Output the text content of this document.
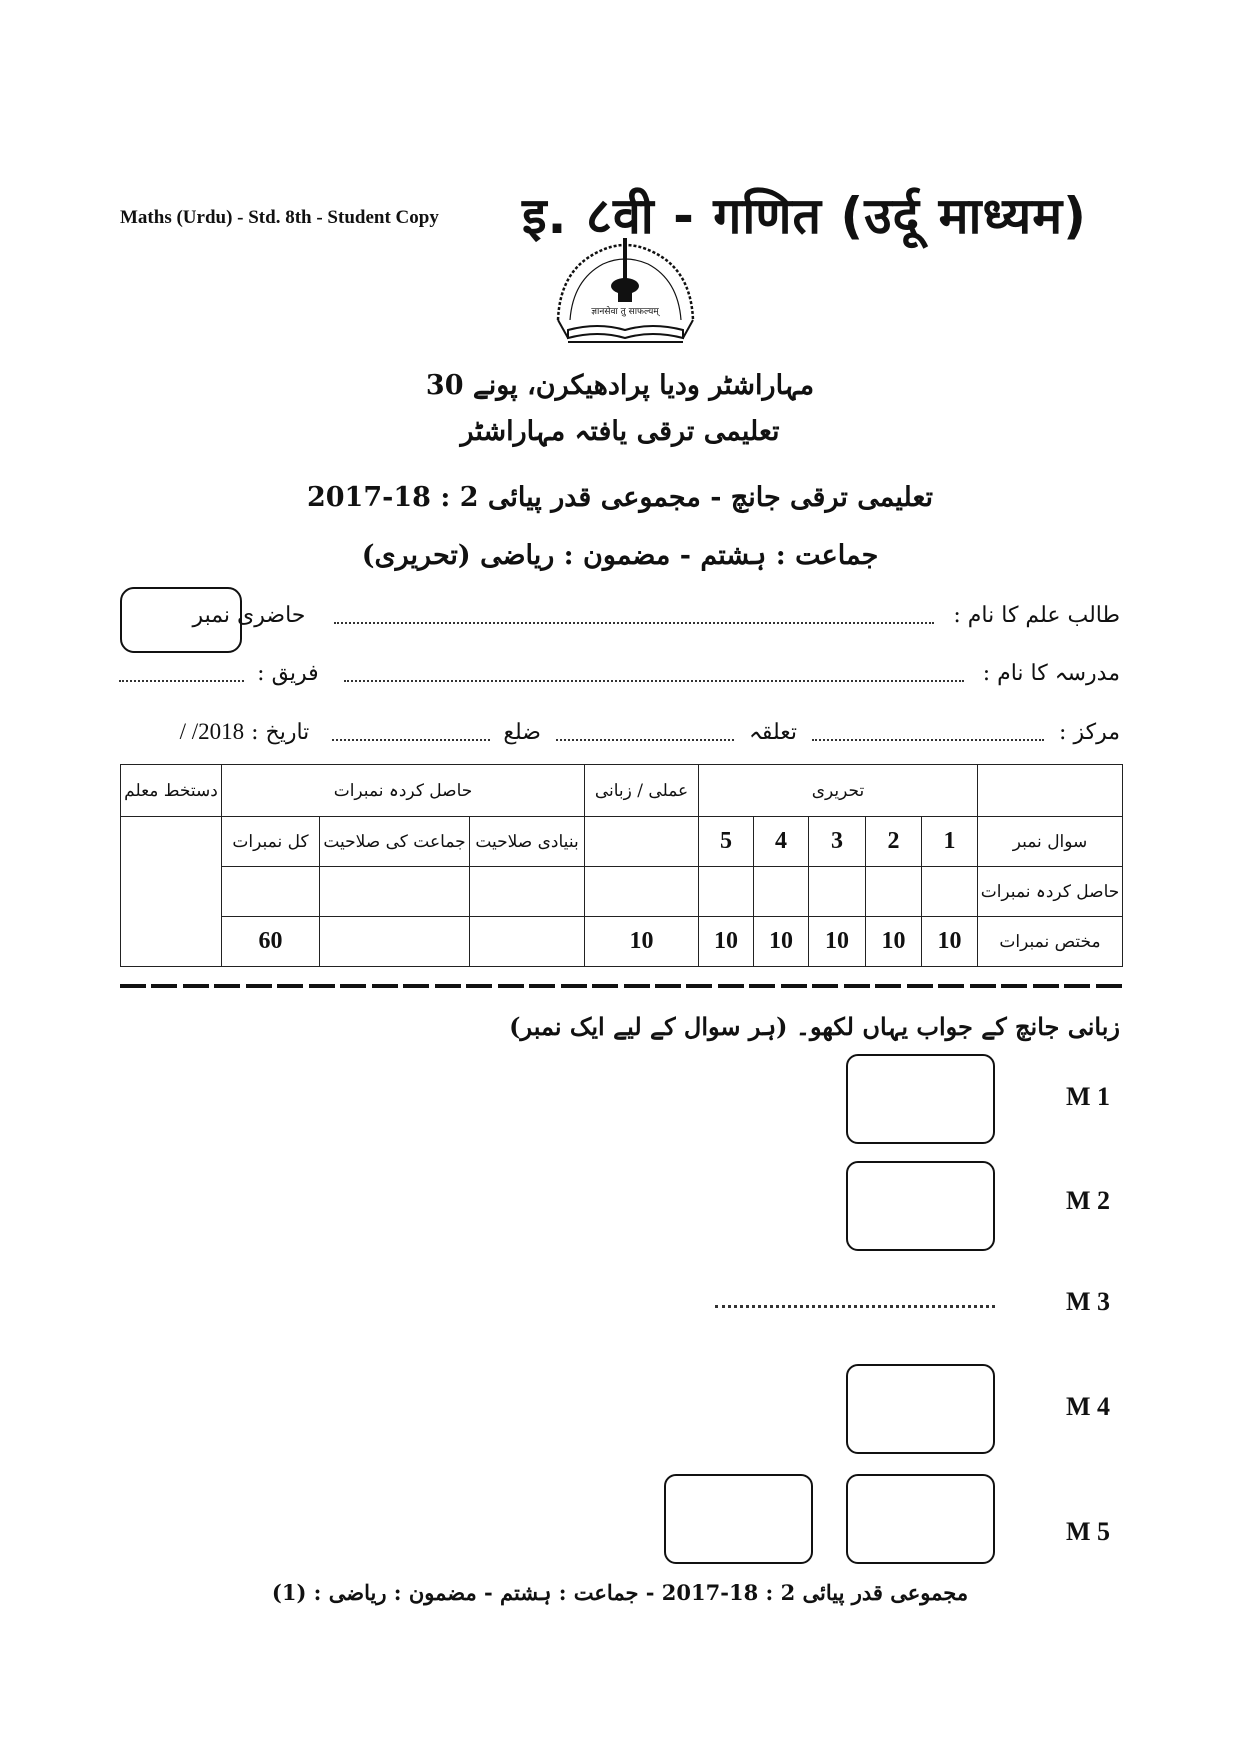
Maths (Urdu) - Std. 8th - Student Copy इ. ८वी - गणित (उर्दू माध्यम)
ज्ञानसेवा तु साफल्यम्
مہاراشٹر ودیا پرادھیکرن، پونے 30
تعلیمی ترقی یافتہ مہاراشٹر
تعلیمی ترقی جانچ - مجموعی قدر پیائی 2 : 18-2017
جماعت : ہشتم - مضمون : ریاضی (تحریری)
طالب علم کا نام :  حاضری نمبر
مدرسہ کا نام :  فریق :
مرکز :  تعلقہ  ضلع  تاریخ : 2018/ /
دستخط معلم	حاصل کردہ نمبرات			عملی / زبانی	تحریری					
	کل نمبرات	جماعت کی صلاحیت	بنیادی صلاحیت		5	4	3	2	1	سوال نمبر
										حاصل کردہ نمبرات
	60			10	10	10	10	10	10	مختص نمبرات
زبانی جانچ کے جواب یہاں لکھو۔ (ہر سوال کے لیے ایک نمبر)
M 1
M 2
M 3
M 4
M 5
مجموعی قدر پیائی 2 : 18-2017 - جماعت : ہشتم - مضمون : ریاضی : (1)
